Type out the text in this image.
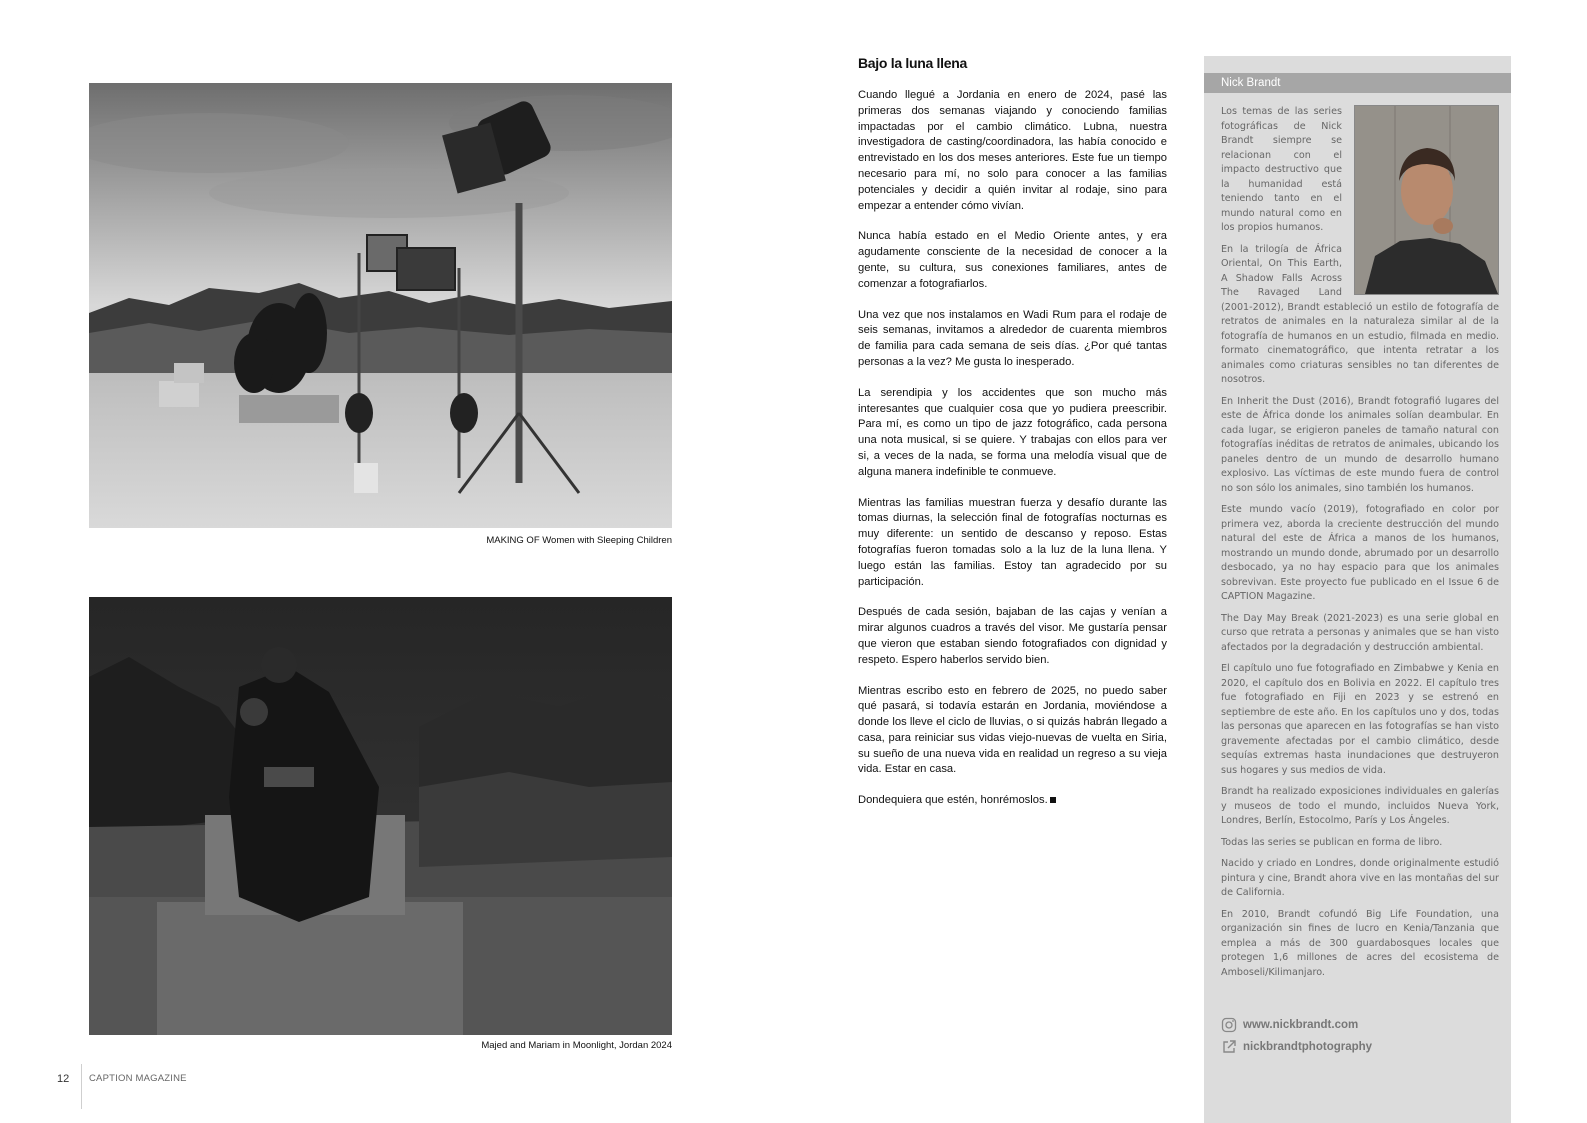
MAKING OF Women with Sleeping Children
Majed and Mariam in Moonlight, Jordan 2024
12 CAPTION MAGAZINE
Bajo la luna llena

Cuando llegué a Jordania en enero de 2024, pasé las primeras dos semanas viajando y conociendo familias impactadas por el cambio climático. Lubna, nuestra investigadora de casting/coordinadora, las había conocido e entrevistado en los dos meses anteriores. Este fue un tiempo necesario para mí, no solo para conocer a las familias potenciales y decidir a quién invitar al rodaje, sino para empezar a entender cómo vivían.

Nunca había estado en el Medio Oriente antes, y era agudamente consciente de la necesidad de conocer a la gente, su cultura, sus conexiones familiares, antes de comenzar a fotografiarlos.

Una vez que nos instalamos en Wadi Rum para el rodaje de seis semanas, invitamos a alrededor de cuarenta miembros de familia para cada semana de seis días. ¿Por qué tantas personas a la vez? Me gusta lo inesperado.

La serendipia y los accidentes que son mucho más interesantes que cualquier cosa que yo pudiera preescribir. Para mí, es como un tipo de jazz fotográfico, cada persona una nota musical, si se quiere. Y trabajas con ellos para ver si, a veces de la nada, se forma una melodía visual que de alguna manera indefinible te conmueve.

Mientras las familias muestran fuerza y desafío durante las tomas diurnas, la selección final de fotografías nocturnas es muy diferente: un sentido de descanso y reposo. Estas fotografías fueron tomadas solo a la luz de la luna llena. Y luego están las familias. Estoy tan agradecido por su participación.

Después de cada sesión, bajaban de las cajas y venían a mirar algunos cuadros a través del visor. Me gustaría pensar que vieron que estaban siendo fotografiados con dignidad y respeto. Espero haberlos servido bien.

Mientras escribo esto en febrero de 2025, no puedo saber qué pasará, si todavía estarán en Jordania, moviéndose a donde los lleve el ciclo de lluvias, o si quizás habrán llegado a casa, para reiniciar sus vidas viejo-nuevas de vuelta en Siria, su sueño de una nueva vida en realidad un regreso a su vieja vida. Estar en casa.

Dondequiera que estén, honrémoslos.

Nick Brandt

Los temas de las series fotográficas de Nick Brandt siempre se relacionan con el impacto destructivo que la humanidad está teniendo tanto en el mundo natural como en los propios humanos.

En la trilogía de África Oriental, On This Earth, A Shadow Falls Across The Ravaged Land (2001-2012), Brandt estableció un estilo de fotografía de retratos de animales en la naturaleza similar al de la fotografía de humanos en un estudio, filmada en medio. formato cinematográfico, que intenta retratar a los animales como criaturas sensibles no tan diferentes de nosotros.

En Inherit the Dust (2016), Brandt fotografió lugares del este de África donde los animales solían deambular. En cada lugar, se erigieron paneles de tamaño natural con fotografías inéditas de retratos de animales, ubicando los paneles dentro de un mundo de desarrollo humano explosivo. Las víctimas de este mundo fuera de control no son sólo los animales, sino también los humanos.

Este mundo vacío (2019), fotografiado en color por primera vez, aborda la creciente destrucción del mundo natural del este de África a manos de los humanos, mostrando un mundo donde, abrumado por un desarrollo desbocado, ya no hay espacio para que los animales sobrevivan. Este proyecto fue publicado en el Issue 6 de CAPTION Magazine.

The Day May Break (2021-2023) es una serie global en curso que retrata a personas y animales que se han visto afectados por la degradación y destrucción ambiental.

El capítulo uno fue fotografiado en Zimbabwe y Kenia en 2020, el capítulo dos en Bolivia en 2022. El capítulo tres fue fotografiado en Fiji en 2023 y se estrenó en septiembre de este año. En los capítulos uno y dos, todas las personas que aparecen en las fotografías se han visto gravemente afectadas por el cambio climático, desde sequías extremas hasta inundaciones que destruyeron sus hogares y sus medios de vida.

Brandt ha realizado exposiciones individuales en galerías y museos de todo el mundo, incluidos Nueva York, Londres, Berlín, Estocolmo, París y Los Ángeles.

Todas las series se publican en forma de libro.

Nacido y criado en Londres, donde originalmente estudió pintura y cine, Brandt ahora vive en las montañas del sur de California.

En 2010, Brandt cofundó Big Life Foundation, una organización sin fines de lucro en Kenia/Tanzania que emplea a más de 300 guardabosques locales que protegen 1,6 millones de acres del ecosistema de Amboseli/Kilimanjaro.

www.nickbrandt.com
nickbrandtphotography
